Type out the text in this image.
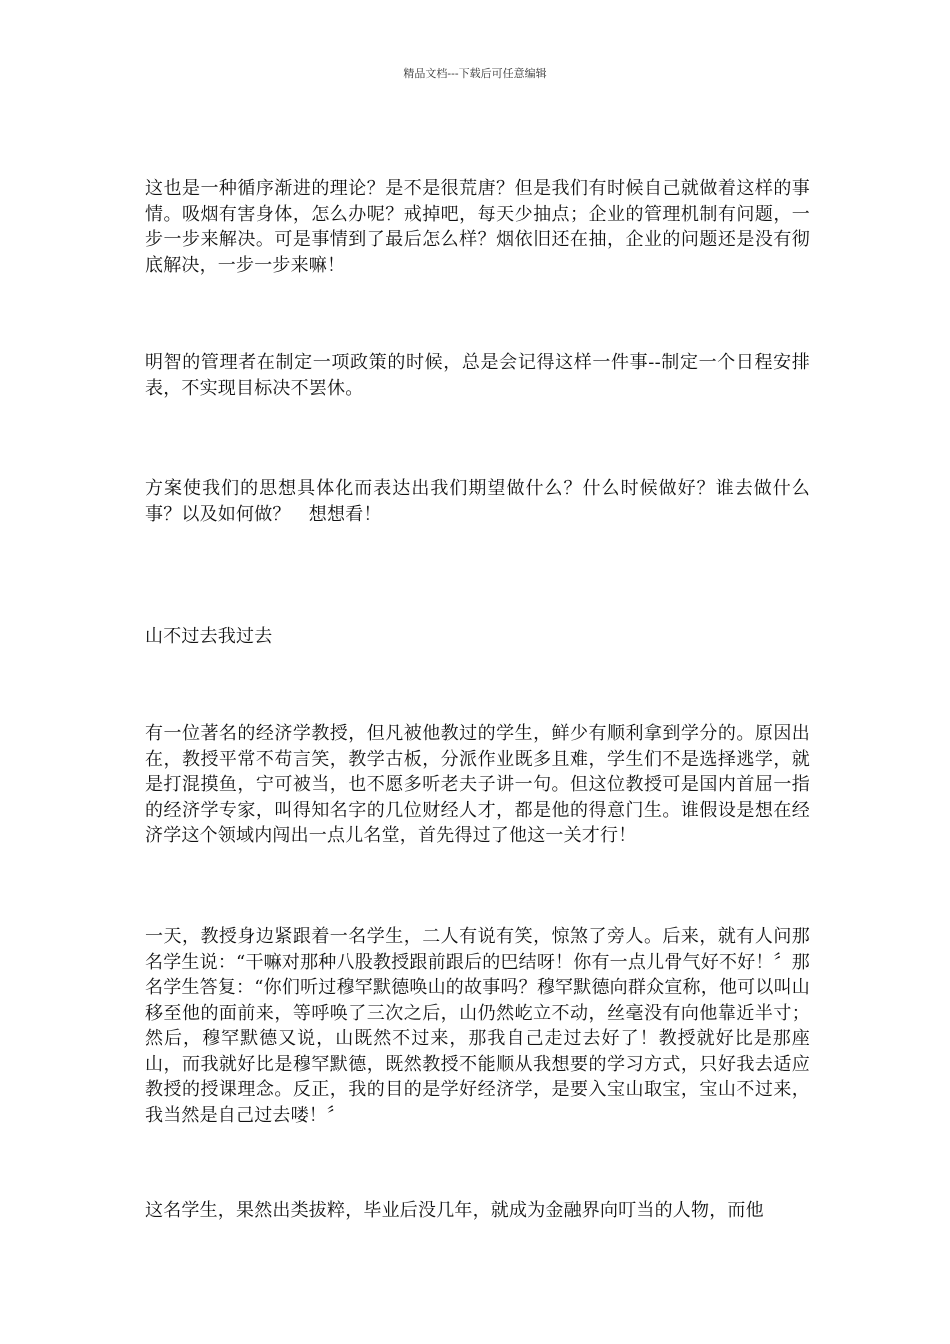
精品文档---下载后可任意编辑

这也是一种循序渐进的理论？是不是很荒唐？但是我们有时候自己就做着这样的事情。吸烟有害身体，怎么办呢？戒掉吧，每天少抽点；企业的管理机制有问题，一步一步来解决。可是事情到了最后怎么样？烟依旧还在抽，企业的问题还是没有彻底解决，一步一步来嘛！

明智的管理者在制定一项政策的时候，总是会记得这样一件事--制定一个日程安排表，不实现目标决不罢休。

方案使我们的思想具体化而表达出我们期望做什么？什么时候做好？谁去做什么事？以及如何做？　想想看！

山不过去我过去

有一位著名的经济学教授，但凡被他教过的学生，鲜少有顺利拿到学分的。原因出在，教授平常不苟言笑，教学古板，分派作业既多且难，学生们不是选择逃学，就是打混摸鱼，宁可被当，也不愿多听老夫子讲一句。但这位教授可是国内首屈一指的经济学专家，叫得知名字的几位财经人才，都是他的得意门生。谁假设是想在经济学这个领域内闯出一点儿名堂，首先得过了他这一关才行！

一天，教授身边紧跟着一名学生，二人有说有笑，惊煞了旁人。后来，就有人问那名学生说：“干嘛对那种八股教授跟前跟后的巴结呀！你有一点儿骨气好不好！〞那名学生答复：“你们听过穆罕默德唤山的故事吗？穆罕默德向群众宣称，他可以叫山移至他的面前来，等呼唤了三次之后，山仍然屹立不动，丝毫没有向他靠近半寸；然后，穆罕默德又说，山既然不过来，那我自己走过去好了！教授就好比是那座山，而我就好比是穆罕默德，既然教授不能顺从我想要的学习方式，只好我去适应教授的授课理念。反正，我的目的是学好经济学，是要入宝山取宝，宝山不过来，我当然是自己过去喽！〞

这名学生，果然出类拔粹，毕业后没几年，就成为金融界向叮当的人物，而他
